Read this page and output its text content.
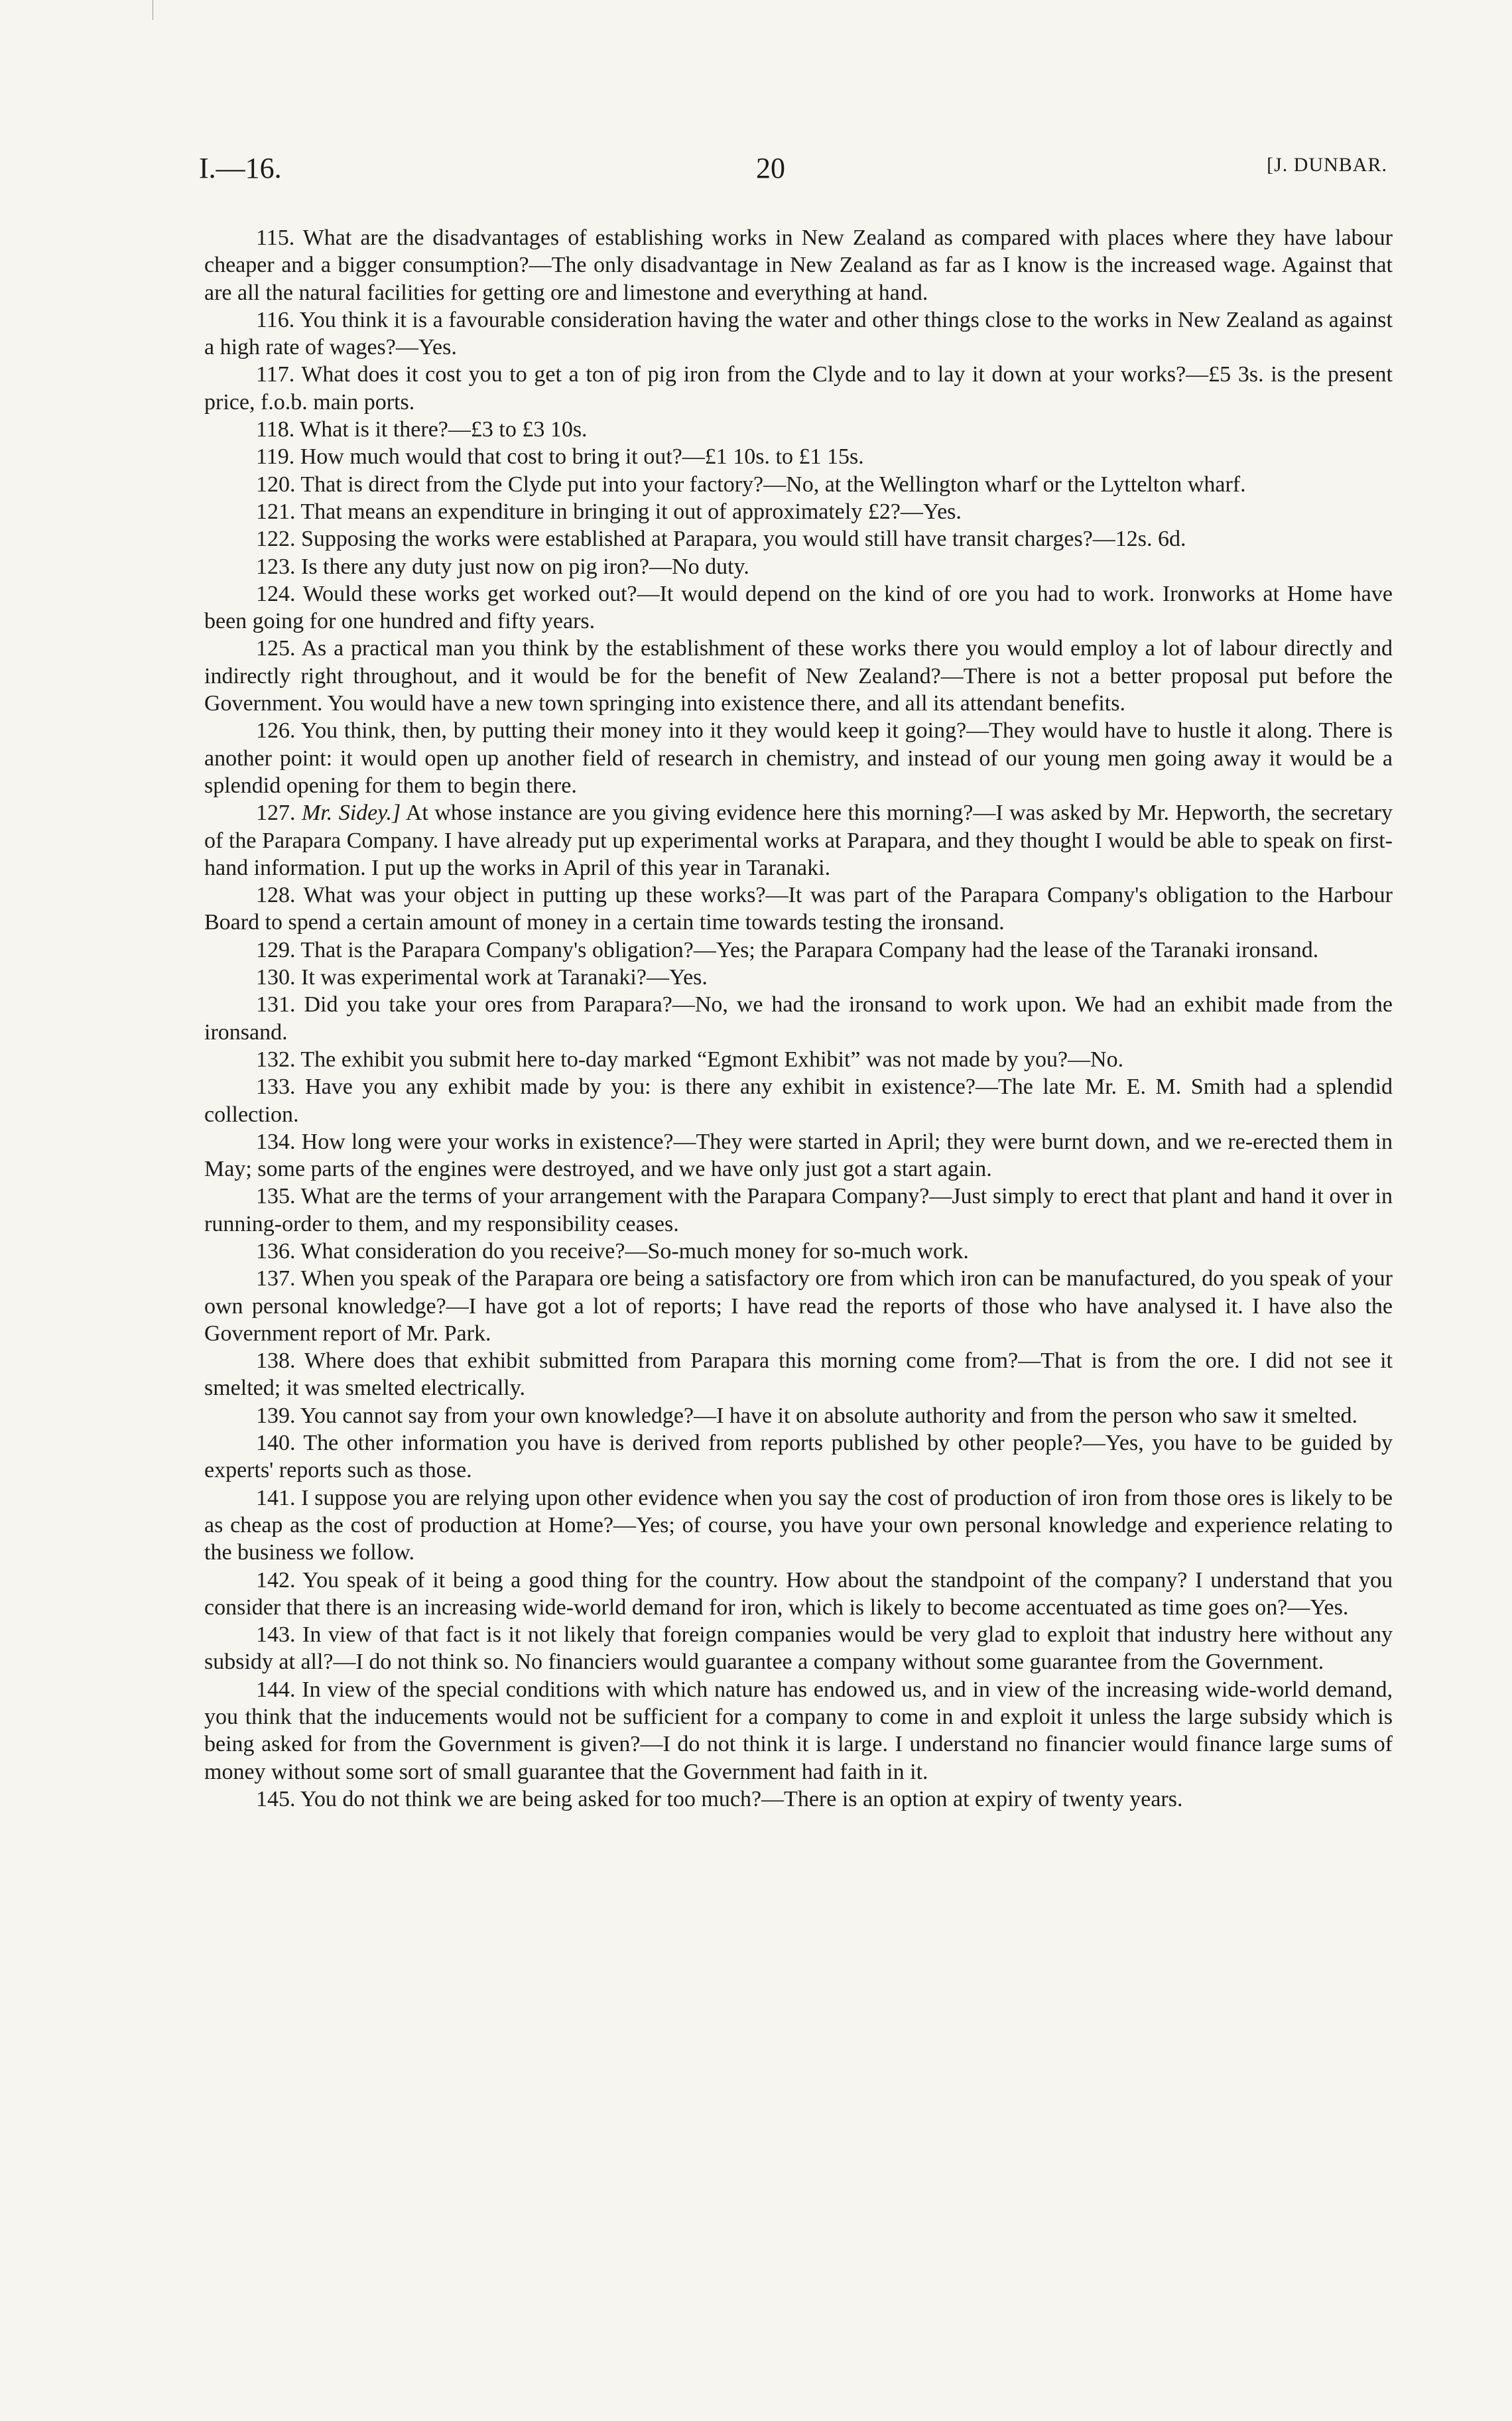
I.—16.	20	[J. DUNBAR.

115. What are the disadvantages of establishing works in New Zealand as compared with places where they have labour cheaper and a bigger consumption?—The only disadvantage in New Zealand as far as I know is the increased wage. Against that are all the natural facilities for getting ore and limestone and everything at hand.

116. You think it is a favourable consideration having the water and other things close to the works in New Zealand as against a high rate of wages?—Yes.

117. What does it cost you to get a ton of pig iron from the Clyde and to lay it down at your works?—£5 3s. is the present price, f.o.b. main ports.

118. What is it there?—£3 to £3 10s.

119. How much would that cost to bring it out?—£1 10s. to £1 15s.

120. That is direct from the Clyde put into your factory?—No, at the Wellington wharf or the Lyttelton wharf.

121. That means an expenditure in bringing it out of approximately £2?—Yes.

122. Supposing the works were established at Parapara, you would still have transit charges?—12s. 6d.

123. Is there any duty just now on pig iron?—No duty.

124. Would these works get worked out?—It would depend on the kind of ore you had to work. Ironworks at Home have been going for one hundred and fifty years.

125. As a practical man you think by the establishment of these works there you would employ a lot of labour directly and indirectly right throughout, and it would be for the benefit of New Zealand?—There is not a better proposal put before the Government. You would have a new town springing into existence there, and all its attendant benefits.

126. You think, then, by putting their money into it they would keep it going?—They would have to hustle it along. There is another point: it would open up another field of research in chemistry, and instead of our young men going away it would be a splendid opening for them to begin there.

127. Mr. Sidey.] At whose instance are you giving evidence here this morning?—I was asked by Mr. Hepworth, the secretary of the Parapara Company. I have already put up experimental works at Parapara, and they thought I would be able to speak on first-hand information. I put up the works in April of this year in Taranaki.

128. What was your object in putting up these works?—It was part of the Parapara Company's obligation to the Harbour Board to spend a certain amount of money in a certain time towards testing the ironsand.

129. That is the Parapara Company's obligation?—Yes; the Parapara Company had the lease of the Taranaki ironsand.

130. It was experimental work at Taranaki?—Yes.

131. Did you take your ores from Parapara?—No, we had the ironsand to work upon. We had an exhibit made from the ironsand.

132. The exhibit you submit here to-day marked “Egmont Exhibit” was not made by you?—No.

133. Have you any exhibit made by you: is there any exhibit in existence?—The late Mr. E. M. Smith had a splendid collection.

134. How long were your works in existence?—They were started in April; they were burnt down, and we re-erected them in May; some parts of the engines were destroyed, and we have only just got a start again.

135. What are the terms of your arrangement with the Parapara Company?—Just simply to erect that plant and hand it over in running-order to them, and my responsibility ceases.

136. What consideration do you receive?—So-much money for so-much work.

137. When you speak of the Parapara ore being a satisfactory ore from which iron can be manufactured, do you speak of your own personal knowledge?—I have got a lot of reports; I have read the reports of those who have analysed it. I have also the Government report of Mr. Park.

138. Where does that exhibit submitted from Parapara this morning come from?—That is from the ore. I did not see it smelted; it was smelted electrically.

139. You cannot say from your own knowledge?—I have it on absolute authority and from the person who saw it smelted.

140. The other information you have is derived from reports published by other people?—Yes, you have to be guided by experts' reports such as those.

141. I suppose you are relying upon other evidence when you say the cost of production of iron from those ores is likely to be as cheap as the cost of production at Home?—Yes; of course, you have your own personal knowledge and experience relating to the business we follow.

142. You speak of it being a good thing for the country. How about the standpoint of the company? I understand that you consider that there is an increasing wide-world demand for iron, which is likely to become accentuated as time goes on?—Yes.

143. In view of that fact is it not likely that foreign companies would be very glad to exploit that industry here without any subsidy at all?—I do not think so. No financiers would guarantee a company without some guarantee from the Government.

144. In view of the special conditions with which nature has endowed us, and in view of the increasing wide-world demand, you think that the inducements would not be sufficient for a company to come in and exploit it unless the large subsidy which is being asked for from the Government is given?—I do not think it is large. I understand no financier would finance large sums of money without some sort of small guarantee that the Government had faith in it.

145. You do not think we are being asked for too much?—There is an option at expiry of twenty years.
